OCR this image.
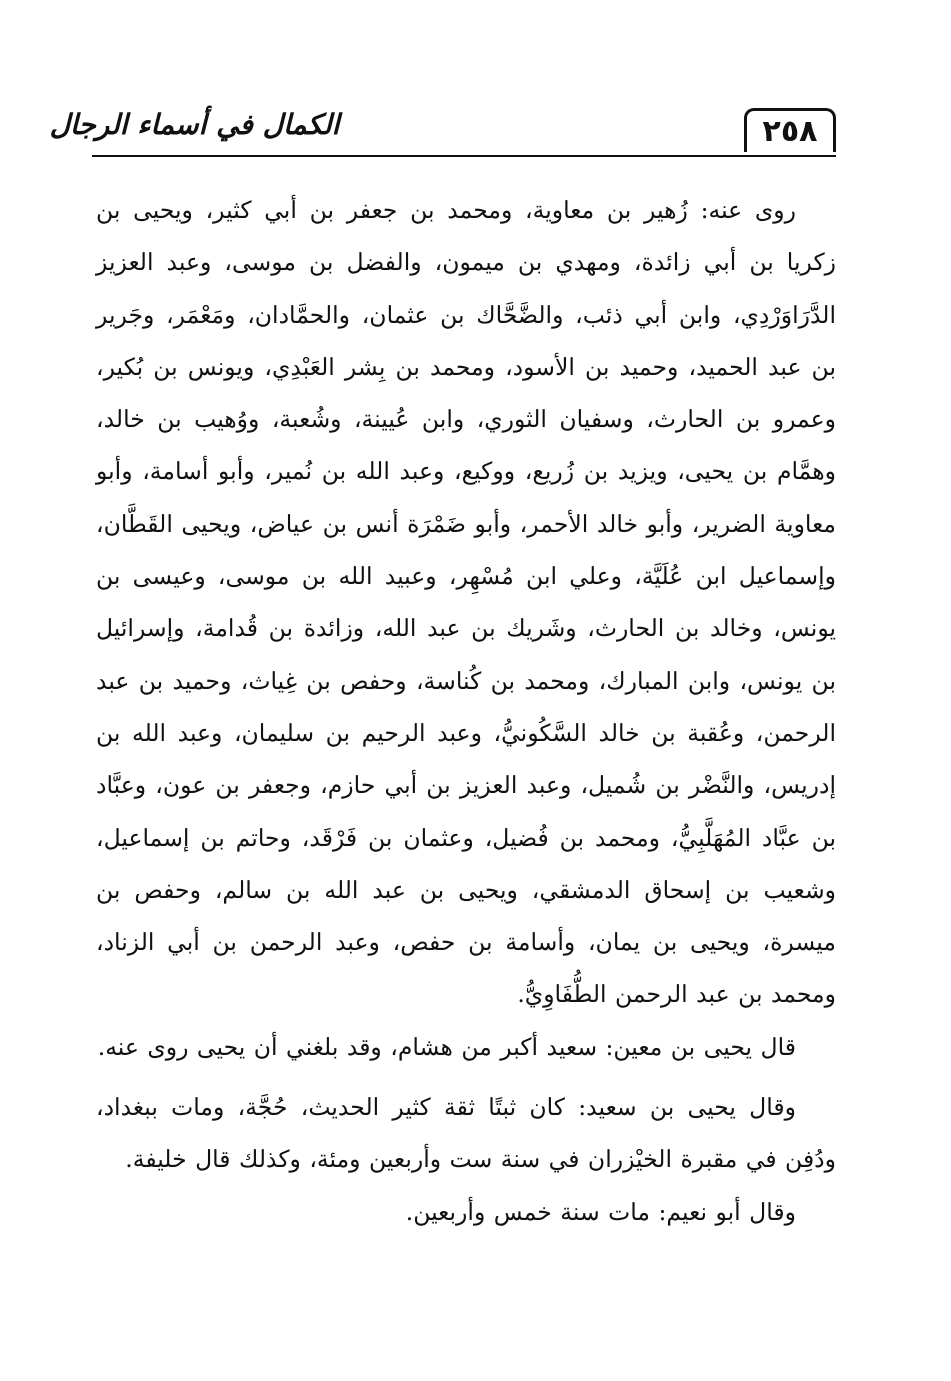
الكمال في أسماء الرجال	٢٥٨

روى عنه: زُهير بن معاوية، ومحمد بن جعفر بن أبي كثير، ويحيى بن زكريا بن أبي زائدة، ومهدي بن ميمون، والفضل بن موسى، وعبد العزيز الدَّرَاوَرْدِي، وابن أبي ذئب، والضَّحَّاك بن عثمان، والحمَّادان، ومَعْمَر، وجَرير بن عبد الحميد، وحميد بن الأسود، ومحمد بن بِشر العَبْدِي، ويونس بن بُكير، وعمرو بن الحارث، وسفيان الثوري، وابن عُيينة، وشُعبة، ووُهيب بن خالد، وهمَّام بن يحيى، ويزيد بن زُريع، ووكيع، وعبد الله بن نُمير، وأبو أسامة، وأبو معاوية الضرير، وأبو خالد الأحمر، وأبو ضَمْرَة أنس بن عياض، ويحيى القَطَّان، وإسماعيل ابن عُلَيَّة، وعلي ابن مُسْهِر، وعبيد الله بن موسى، وعيسى بن يونس، وخالد بن الحارث، وشَريك بن عبد الله، وزائدة بن قُدامة، وإسرائيل بن يونس، وابن المبارك، ومحمد بن كُناسة، وحفص بن غِياث، وحميد بن عبد الرحمن، وعُقبة بن خالد السَّكُونيُّ، وعبد الرحيم بن سليمان، وعبد الله بن إدريس، والنَّضْر بن شُميل، وعبد العزيز بن أبي حازم، وجعفر بن عون، وعبَّاد بن عبَّاد المُهَلَّبِيُّ، ومحمد بن فُضيل، وعثمان بن فَرْقَد، وحاتم بن إسماعيل، وشعيب بن إسحاق الدمشقي، ويحيى بن عبد الله بن سالم، وحفص بن ميسرة، ويحيى بن يمان، وأسامة بن حفص، وعبد الرحمن بن أبي الزناد، ومحمد بن عبد الرحمن الطُّفَاوِيُّ.

قال يحيى بن معين: سعيد أكبر من هشام، وقد بلغني أن يحيى روى عنه.

وقال يحيى بن سعيد: كان ثبتًا ثقة كثير الحديث، حُجَّة، ومات ببغداد، ودُفِن في مقبرة الخيْزران في سنة ست وأربعين ومئة، وكذلك قال خليفة.

وقال أبو نعيم: مات سنة خمس وأربعين.
